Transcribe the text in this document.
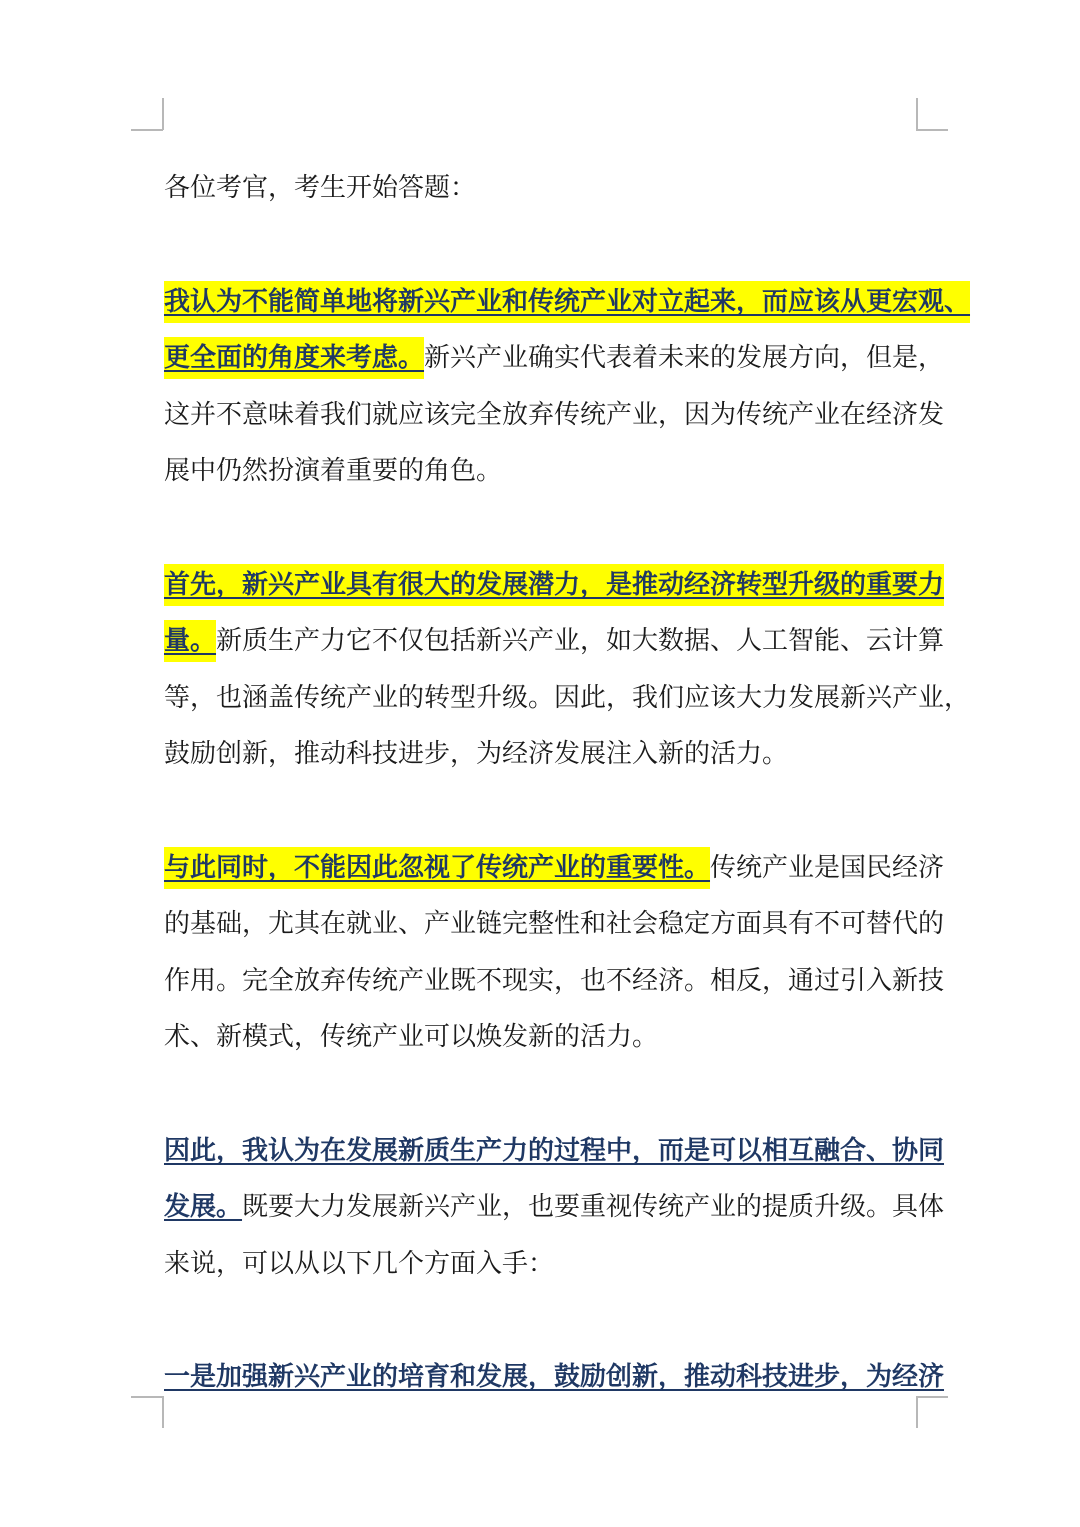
各位考官，考生开始答题：
我认为不能简单地将新兴产业和传统产业对立起来，而应该从更宏观、
更全面的角度来考虑。新兴产业确实代表着未来的发展方向，但是，
这并不意味着我们就应该完全放弃传统产业，因为传统产业在经济发
展中仍然扮演着重要的角色。
首先，新兴产业具有很大的发展潜力，是推动经济转型升级的重要力
量。新质生产力它不仅包括新兴产业，如大数据、人工智能、云计算
等，也涵盖传统产业的转型升级。因此，我们应该大力发展新兴产业，
鼓励创新，推动科技进步，为经济发展注入新的活力。
与此同时，不能因此忽视了传统产业的重要性。传统产业是国民经济
的基础，尤其在就业、产业链完整性和社会稳定方面具有不可替代的
作用。完全放弃传统产业既不现实，也不经济。相反，通过引入新技
术、新模式，传统产业可以焕发新的活力。
因此，我认为在发展新质生产力的过程中，而是可以相互融合、协同
发展。既要大力发展新兴产业，也要重视传统产业的提质升级。具体
来说，可以从以下几个方面入手：
一是加强新兴产业的培育和发展，鼓励创新，推动科技进步，为经济
